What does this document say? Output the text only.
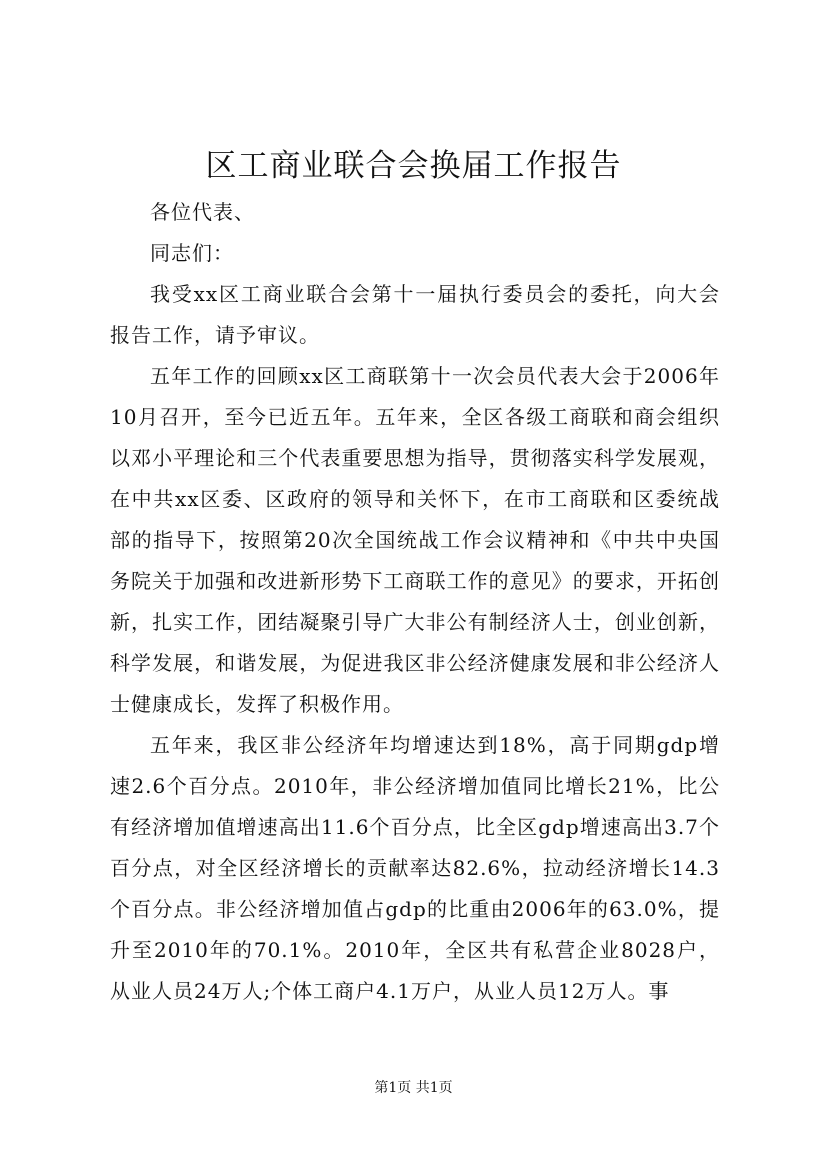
区工商业联合会换届工作报告

各位代表、

同志们：

我受xx区工商业联合会第十一届执行委员会的委托，向大会报告工作，请予审议。

五年工作的回顾xx区工商联第十一次会员代表大会于2006年10月召开，至今已近五年。五年来，全区各级工商联和商会组织以邓小平理论和三个代表重要思想为指导，贯彻落实科学发展观，在中共xx区委、区政府的领导和关怀下，在市工商联和区委统战部的指导下，按照第20次全国统战工作会议精神和《中共中央国务院关于加强和改进新形势下工商联工作的意见》的要求，开拓创新，扎实工作，团结凝聚引导广大非公有制经济人士，创业创新，科学发展，和谐发展，为促进我区非公经济健康发展和非公经济人士健康成长，发挥了积极作用。

五年来，我区非公经济年均增速达到18%，高于同期gdp增速2.6个百分点。2010年，非公经济增加值同比增长21%，比公有经济增加值增速高出11.6个百分点，比全区gdp增速高出3.7个百分点，对全区经济增长的贡献率达82.6%，拉动经济增长14.3个百分点。非公经济增加值占gdp的比重由2006年的63.0%，提升至2010年的70.1%。2010年，全区共有私营企业8028户，从业人员24万人;个体工商户4.1万户，从业人员12万人。事

第1页 共1页
